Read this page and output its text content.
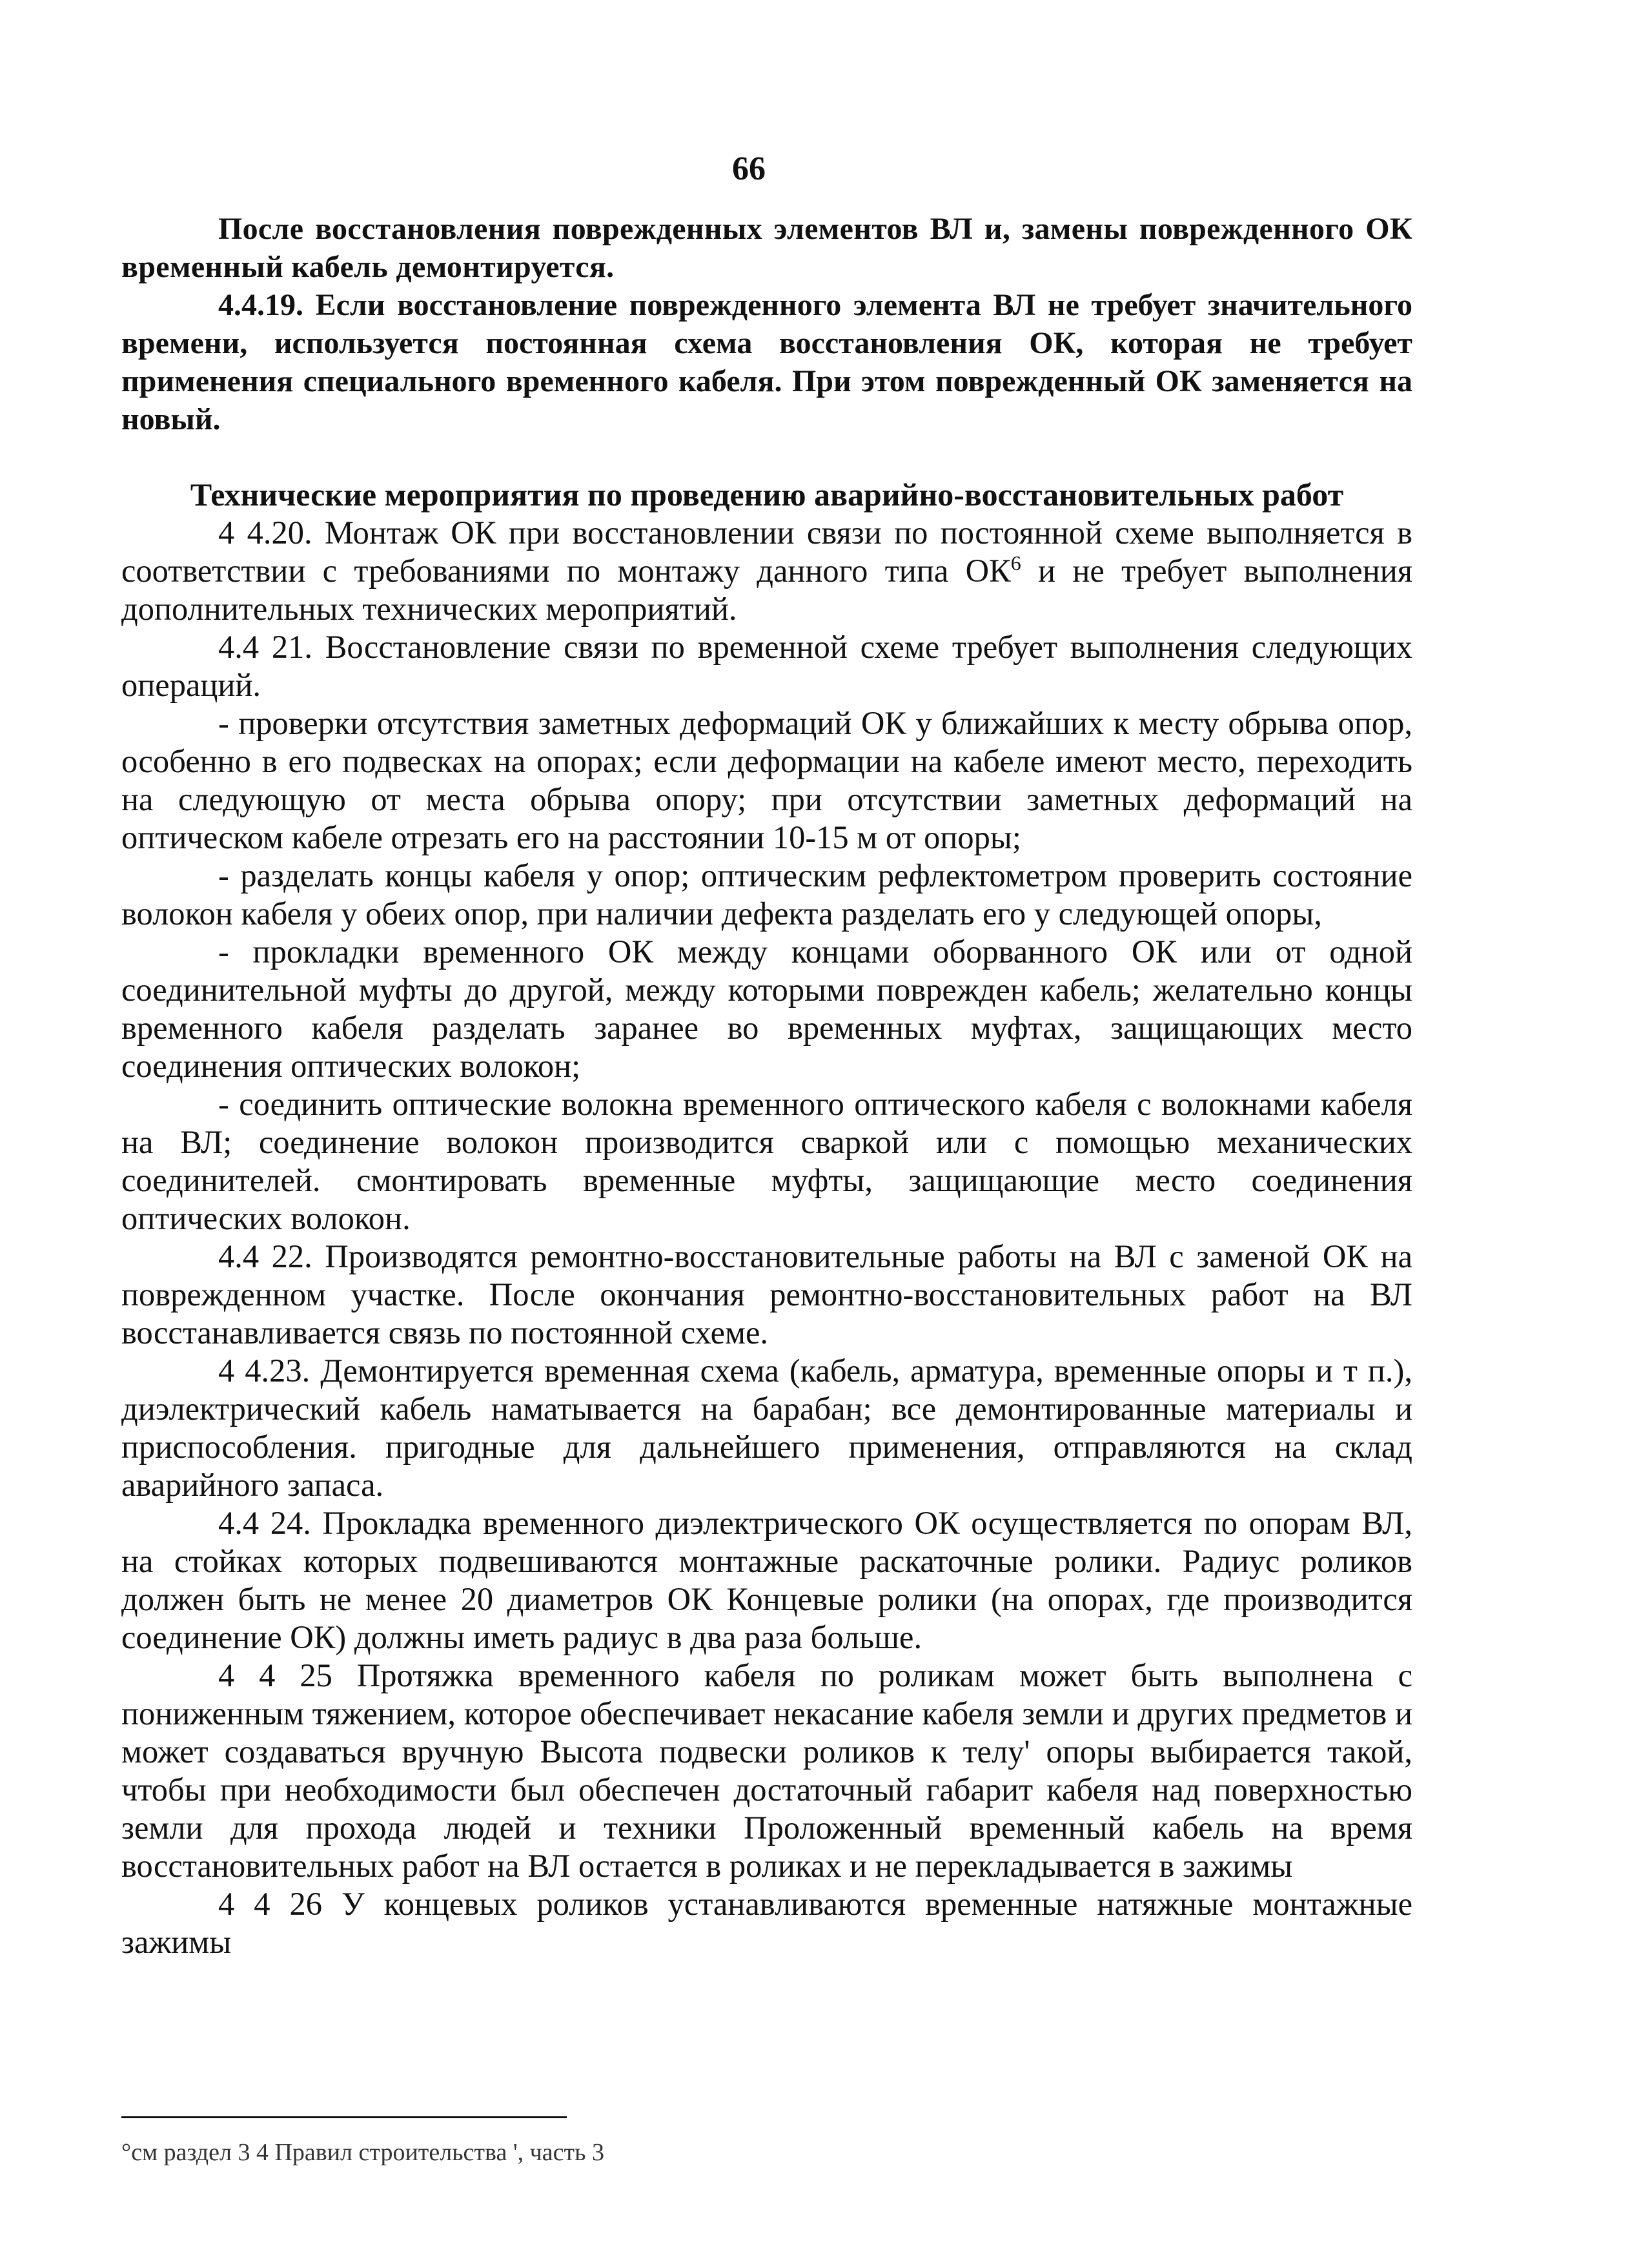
66

После восстановления поврежденных элементов ВЛ и, замены поврежденного ОК временный кабель демонтируется.

4.4.19. Если восстановление поврежденного элемента ВЛ не требует значительного времени, используется постоянная схема восстановления ОК, которая не требует применения специального временного кабеля. При этом поврежденный ОК заменяется на новый.

Технические мероприятия по проведению аварийно-восстановительных работ

4 4.20. Монтаж ОК при восстановлении связи по постоянной схеме выполняется в соответствии с требованиями по монтажу данного типа $ОК^6$ и не требует выполнения дополнительных технических мероприятий.

4.4 21. Восстановление связи по временной схеме требует выполнения следующих операций.

- проверки отсутствия заметных деформаций ОК у ближайших к месту обрыва опор, особенно в его подвесках на опорах; если деформации на кабеле имеют место, переходить на следующую от места обрыва опору; при отсутствии заметных деформаций на оптическом кабеле отрезать его на расстоянии 10-15 м от опоры;

- разделать концы кабеля у опор; оптическим рефлектометром проверить состояние волокон кабеля у обеих опор, при наличии дефекта разделать его у следующей опоры,

- прокладки временного ОК между концами оборванного ОК или от одной соединительной муфты до другой, между которыми поврежден кабель; желательно концы временного кабеля разделать заранее во временных муфтах, защищающих место соединения оптических волокон;

- соединить оптические волокна временного оптического кабеля с волокнами кабеля на ВЛ; соединение волокон производится сваркой или с помощью механических соединителей. смонтировать временные муфты, защищающие место соединения оптических волокон.

4.4 22. Производятся ремонтно-восстановительные работы на ВЛ с заменой ОК на поврежденном участке. После окончания ремонтно-восстановительных работ на ВЛ восстанавливается связь по постоянной схеме.

4 4.23. Демонтируется временная схема (кабель, арматура, временные опоры и т п.), диэлектрический кабель наматывается на барабан; все демонтированные материалы и приспособления. пригодные для дальнейшего применения, отправляются на склад аварийного запаса.

4.4 24. Прокладка временного диэлектрического ОК осуществляется по опорам ВЛ, на стойках которых подвешиваются монтажные раскаточные ролики. Радиус роликов должен быть не менее 20 диаметров ОК Концевые ролики (на опорах, где производится соединение ОК) должны иметь радиус в два раза больше.

4 4 25 Протяжка временного кабеля по роликам может быть выполнена с пониженным тяжением, которое обеспечивает некасание кабеля земли и других предметов и может создаваться вручную Высота подвески роликов к телу' опоры выбирается такой, чтобы при необходимости был обеспечен достаточный габарит кабеля над поверхностью земли для прохода людей и техники Проложенный временный кабель на время восстановительных работ на ВЛ остается в роликах и не перекладывается в зажимы

4 4 26 У концевых роликов устанавливаются временные натяжные монтажные зажимы

°см раздел 3 4 Правил строительства ', часть 3
